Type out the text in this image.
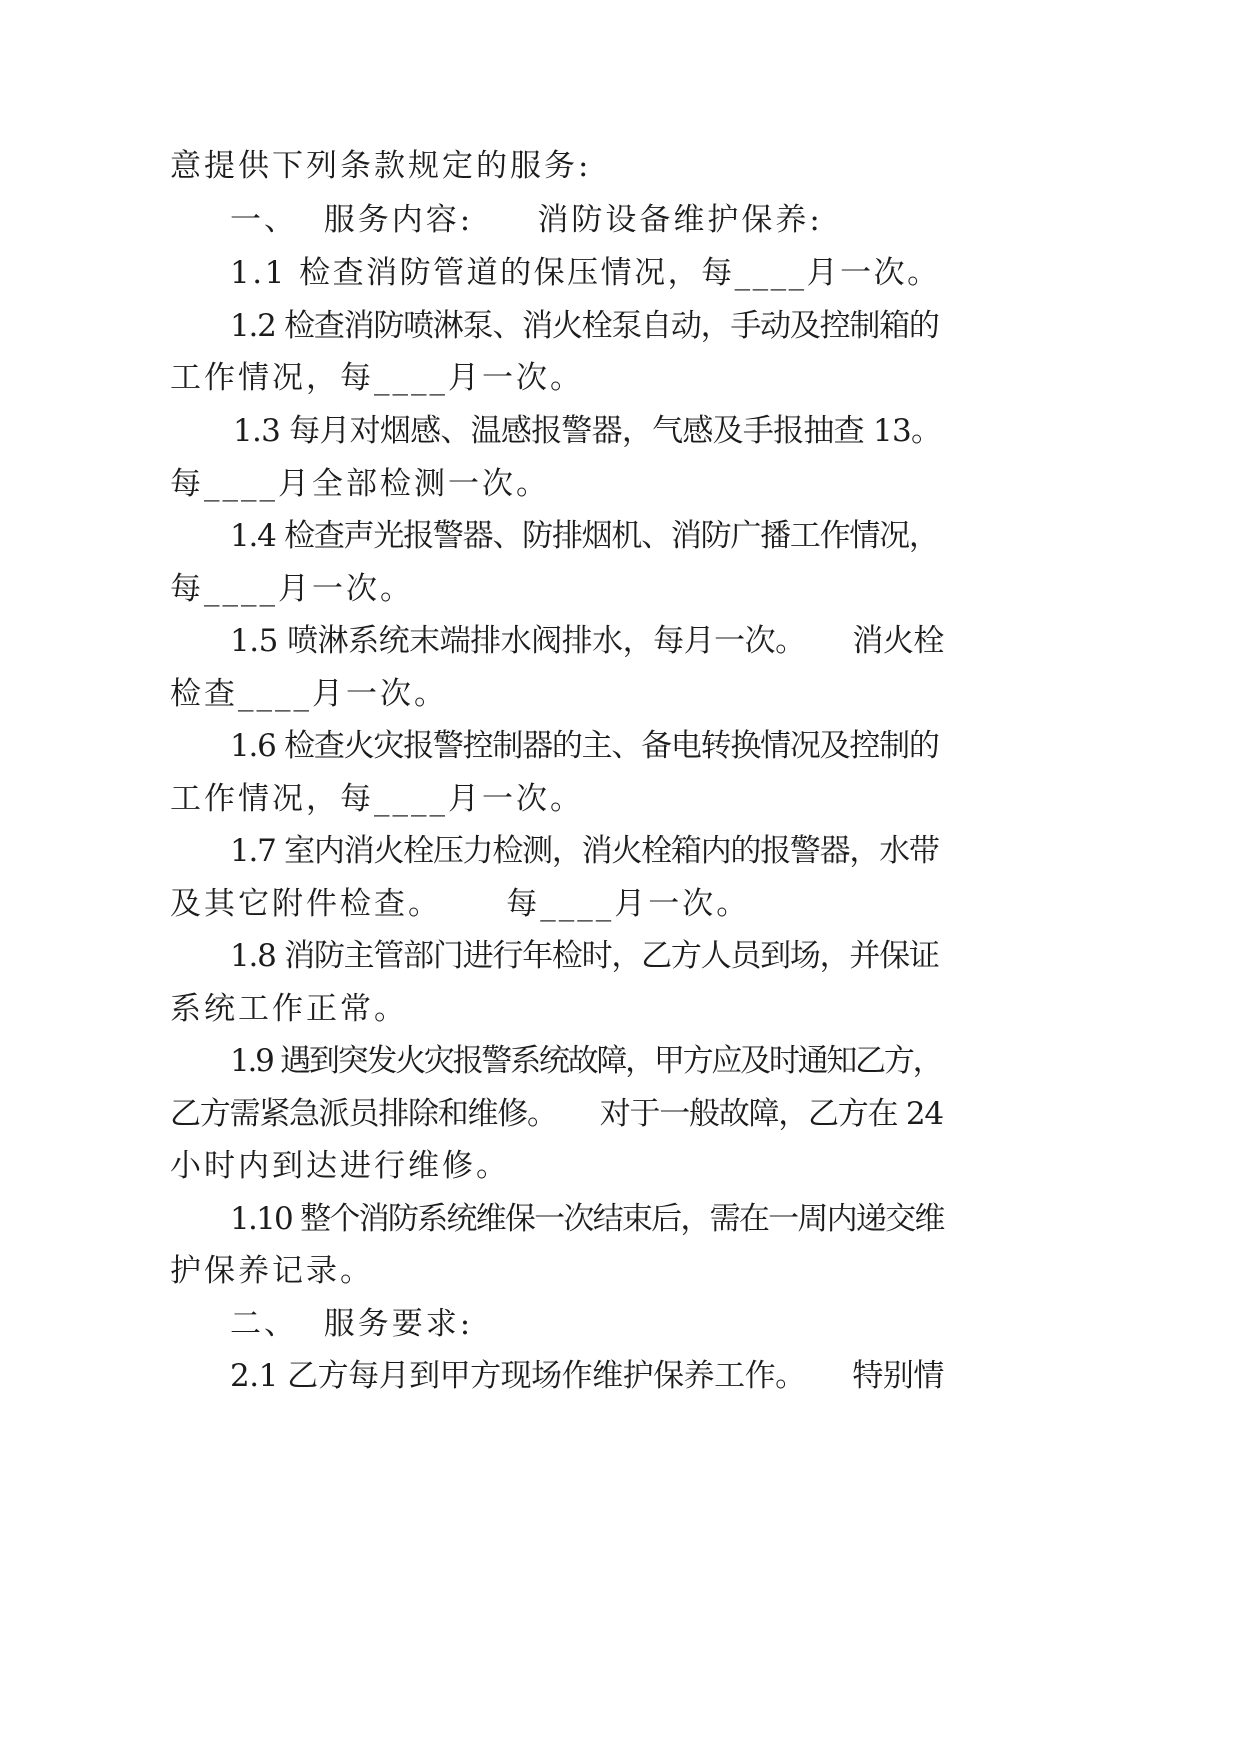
意提供下列条款规定的服务:
一、  服务内容:     消防设备维护保养:
1.1 检查消防管道的保压情况，每____月一次。
1.2 检查消防喷淋泵、消火栓泵自动，手动及控制箱的
工作情况，每____月一次。
1.3 每月对烟感、温感报警器，气感及手报抽查 13。
每____月全部检测一次。
1.4 检查声光报警器、防排烟机、消防广播工作情况，
每____月一次。
1.5 喷淋系统末端排水阀排水，每月一次。     消火栓
检查____月一次。
1.6 检查火灾报警控制器的主、备电转换情况及控制的
工作情况，每____月一次。
1.7 室内消火栓压力检测，消火栓箱内的报警器，水带
及其它附件检查。     每____月一次。
1.8 消防主管部门进行年检时，乙方人员到场，并保证
系统工作正常。
1.9 遇到突发火灾报警系统故障，甲方应及时通知乙方，
乙方需紧急派员排除和维修。     对于一般故障，乙方在 24
小时内到达进行维修。
1.10 整个消防系统维保一次结束后，需在一周内递交维
护保养记录。
二、  服务要求:
2.1 乙方每月到甲方现场作维护保养工作。     特别情
